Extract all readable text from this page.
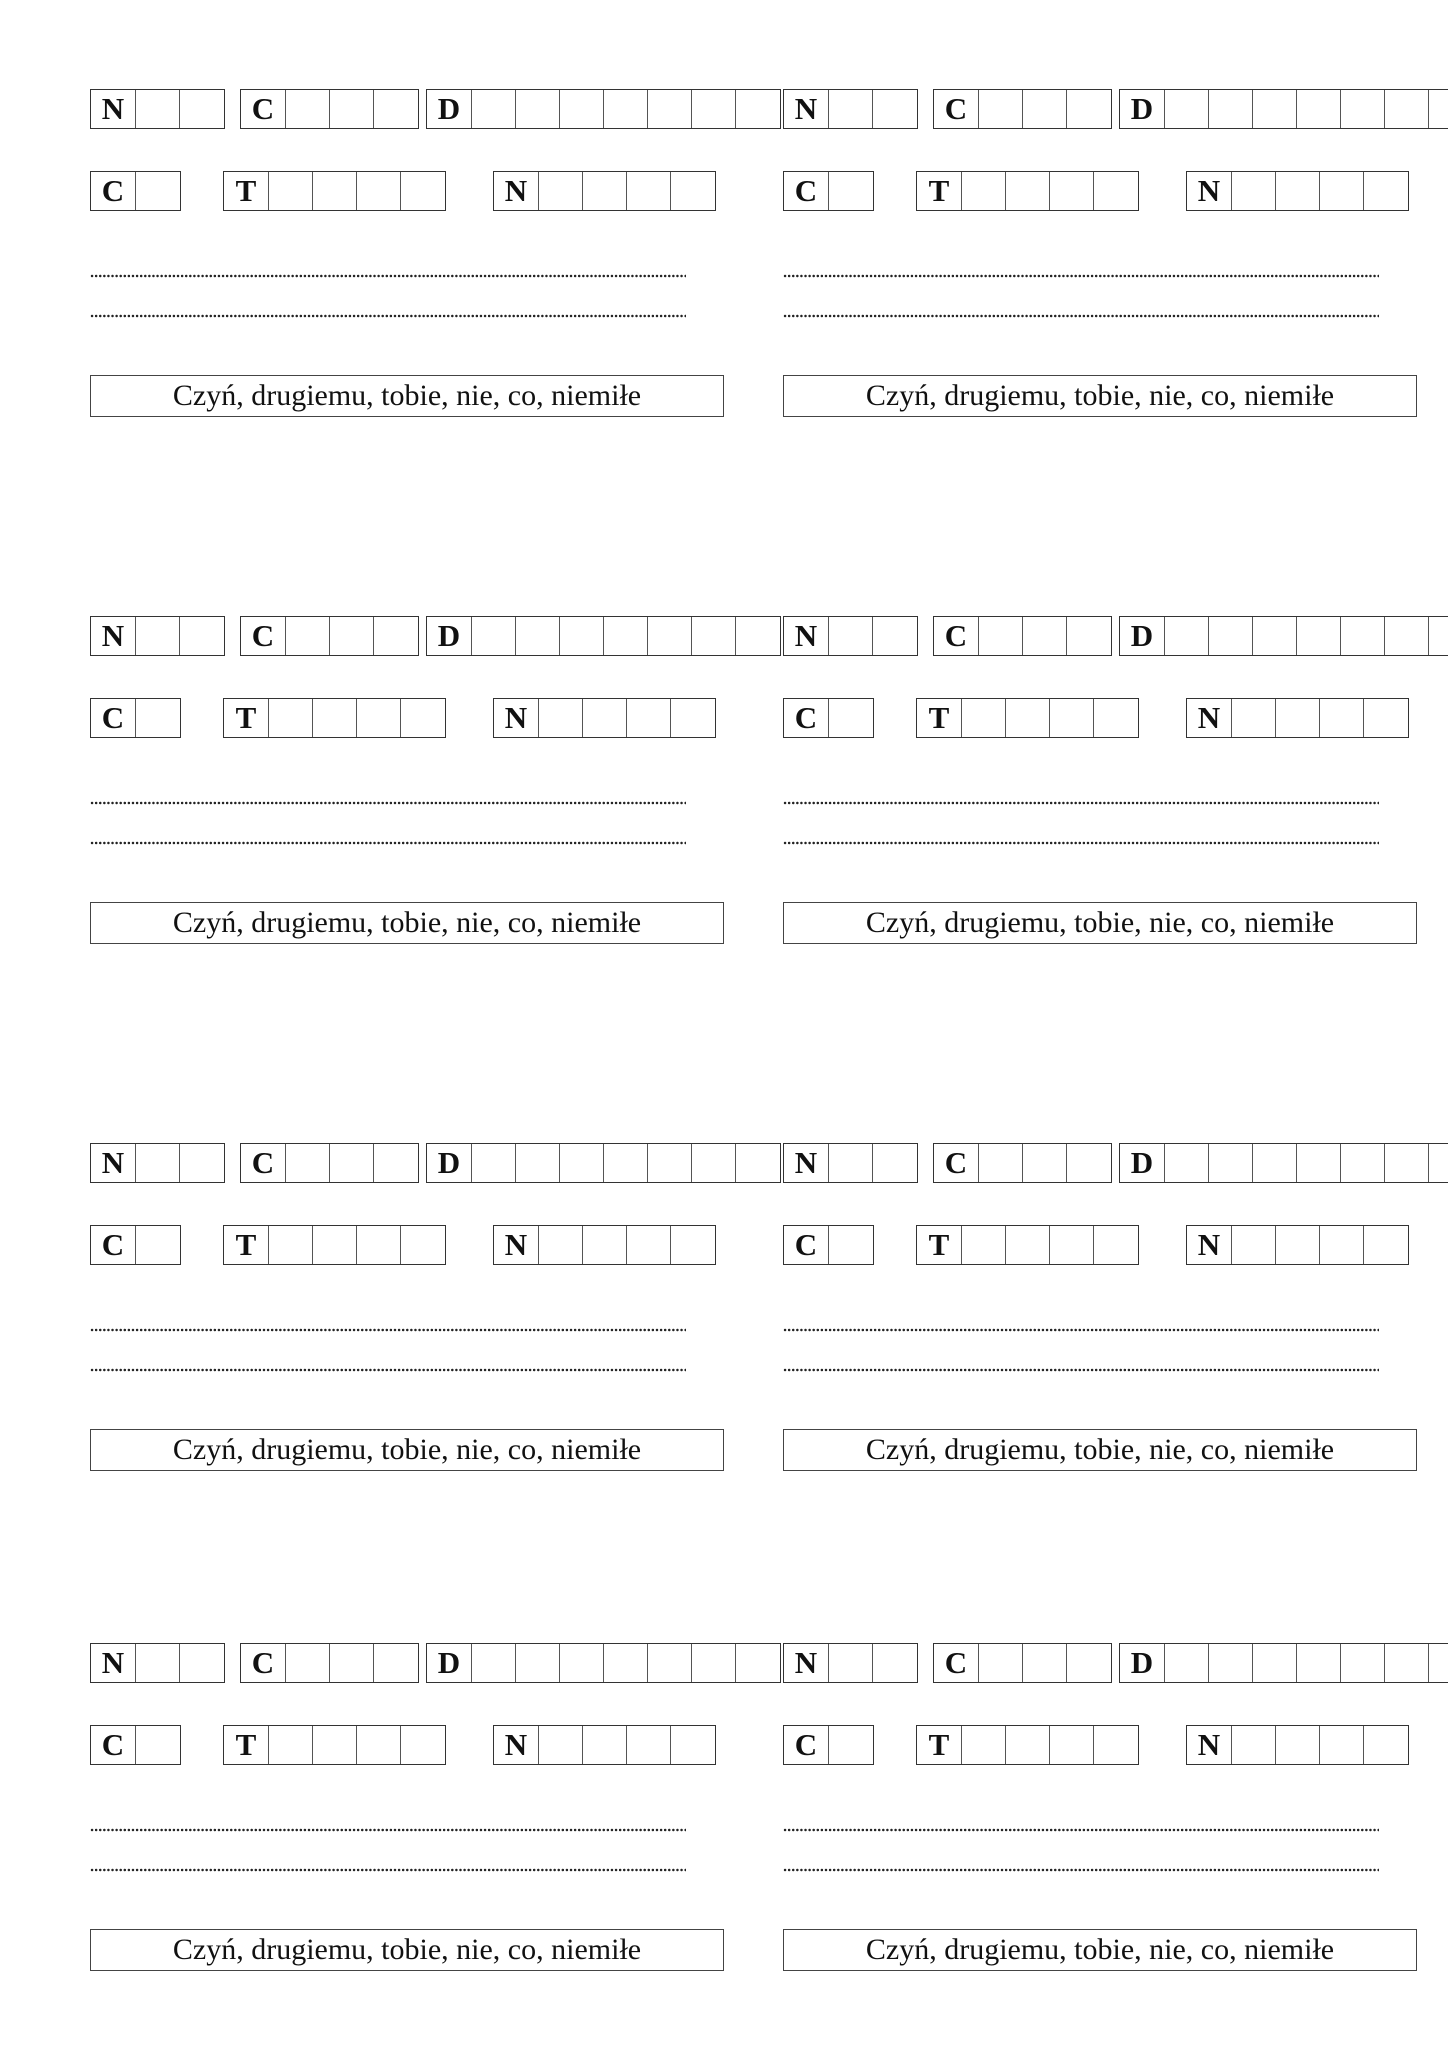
N	C	D
C	T	N
Czyń, drugiemu, tobie, nie, co, niemiłe
N	C	D
C	T	N
Czyń, drugiemu, tobie, nie, co, niemiłe
N	C	D
C	T	N
Czyń, drugiemu, tobie, nie, co, niemiłe
N	C	D
C	T	N
Czyń, drugiemu, tobie, nie, co, niemiłe
N	C	D
C	T	N
Czyń, drugiemu, tobie, nie, co, niemiłe
N	C	D
C	T	N
Czyń, drugiemu, tobie, nie, co, niemiłe
N	C	D
C	T	N
Czyń, drugiemu, tobie, nie, co, niemiłe
N	C	D
C	T	N
Czyń, drugiemu, tobie, nie, co, niemiłe
